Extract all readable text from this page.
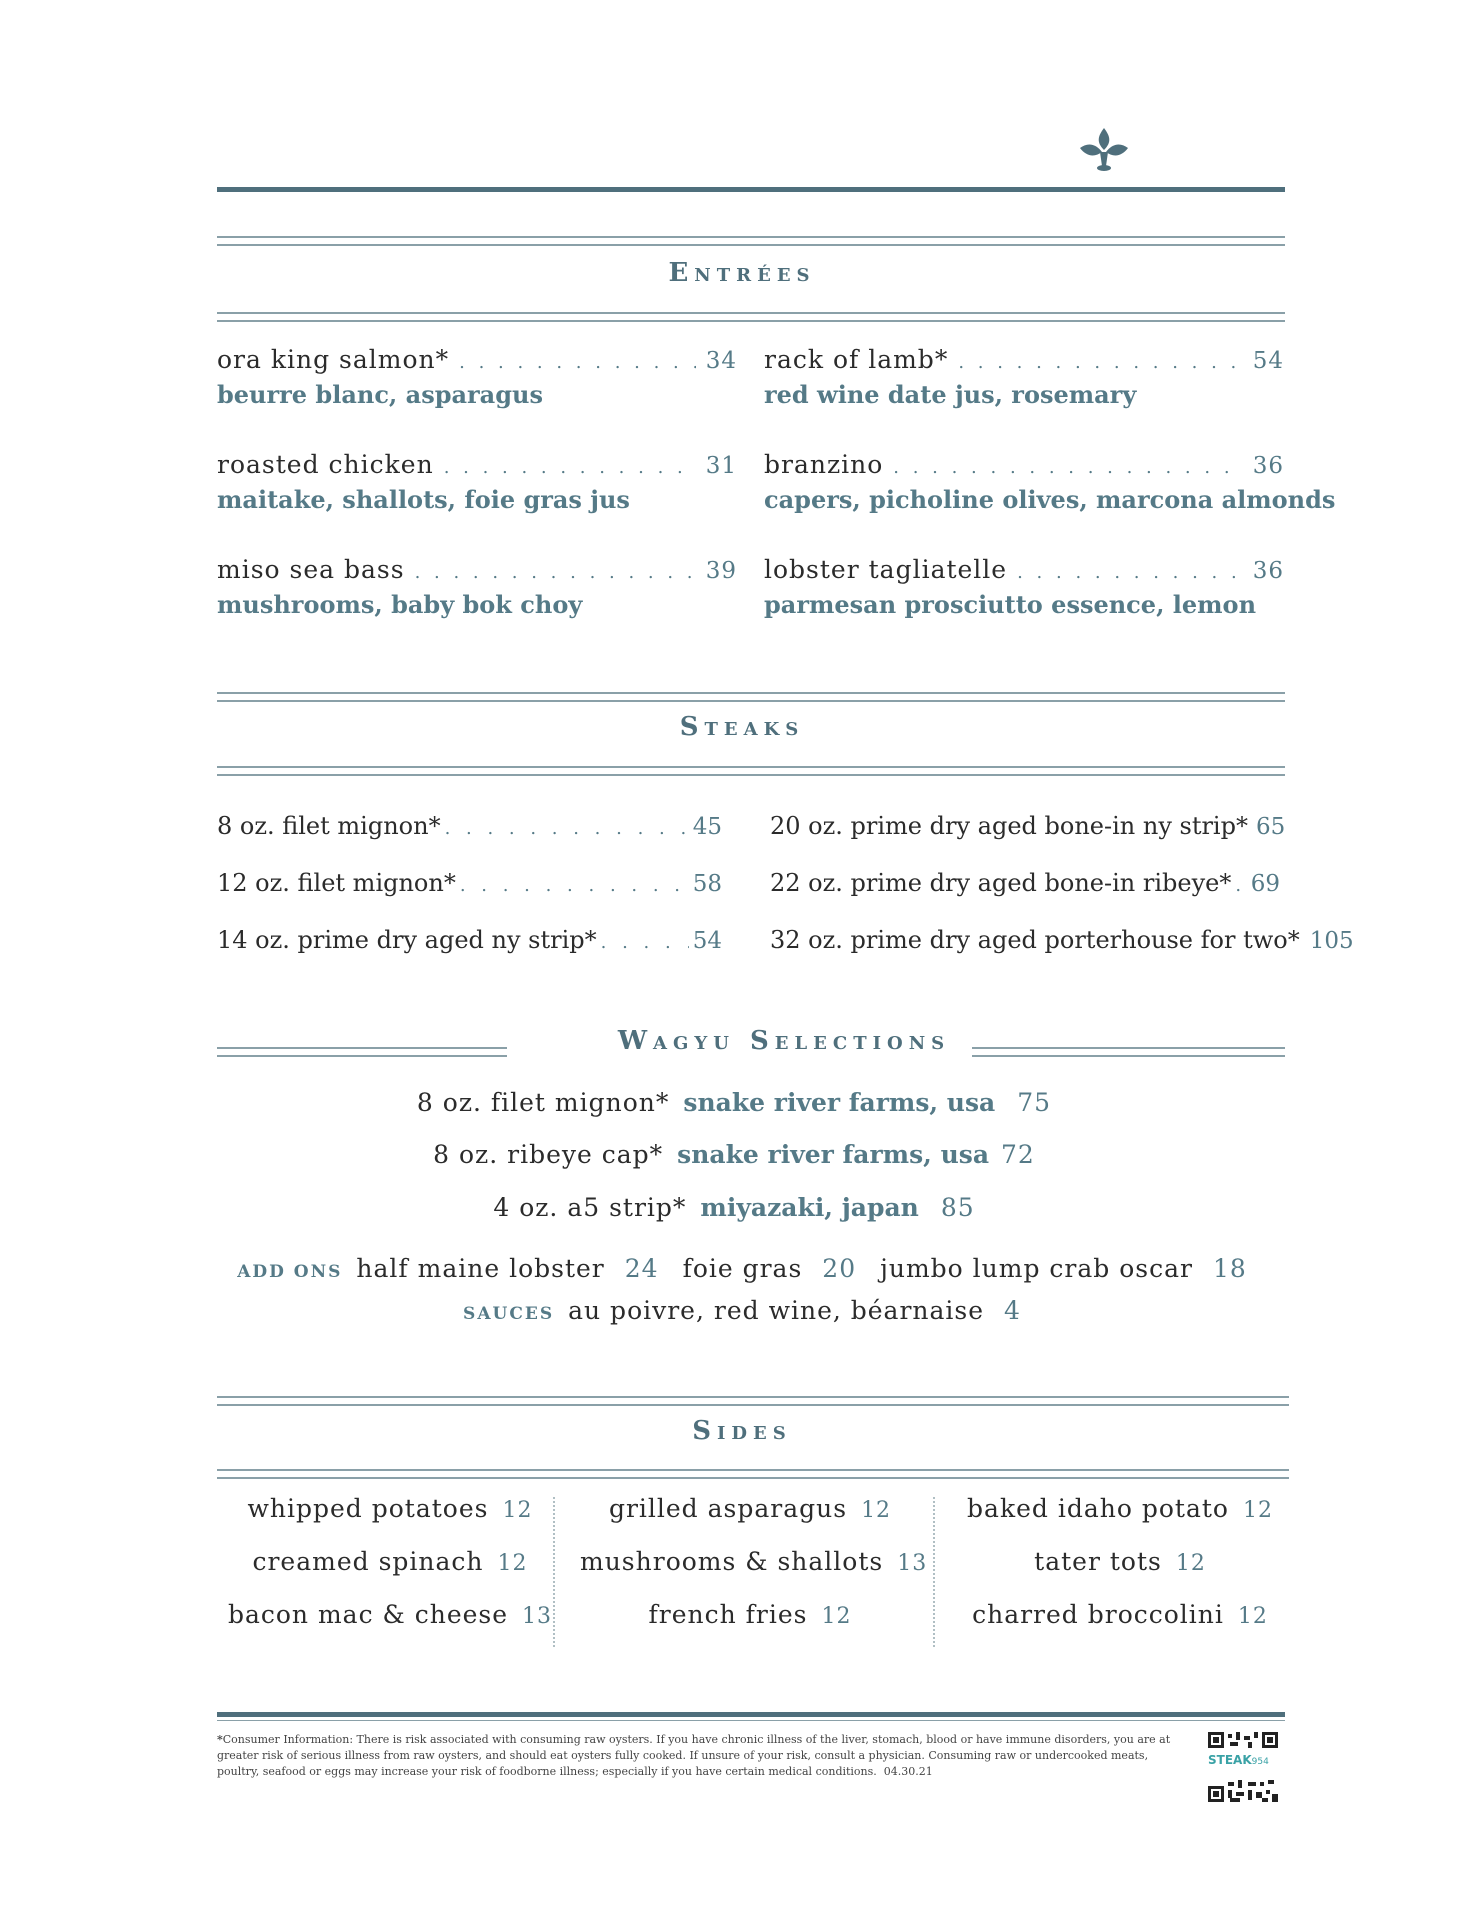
Entrées
ora king salmon* . . .	34
beurre blanc, asparagus
roasted chicken . . .	31
maitake, shallots, foie gras jus
miso sea bass . . .	39
mushrooms, baby bok choy
rack of lamb* . . .	54
red wine date jus, rosemary
branzino . . .	36
capers, picholine olives, marcona almonds
lobster tagliatelle . . .	36
parmesan prosciutto essence, lemon
Steaks
8 oz. filet mignon* . . .	45
12 oz. filet mignon* . . .	58
14 oz. prime dry aged ny strip* . . .	54
20 oz. prime dry aged bone-in ny strip* 65
22 oz. prime dry aged bone-in ribeye* . . . 69
32 oz. prime dry aged porterhouse for two* 105
Wagyu Selections
8 oz. filet mignon* snake river farms, usa 75
8 oz. ribeye cap* snake river farms, usa 72
4 oz. a5 strip* miyazaki, japan 85
ADD ONS half maine lobster 24 foie gras 20 jumbo lump crab oscar 18
SAUCES au poivre, red wine, béarnaise 4
Sides
whipped potatoes 12
creamed spinach 12
bacon mac & cheese 13
grilled asparagus 12
mushrooms & shallots 13
french fries 12
baked idaho potato 12
tater tots 12
charred broccolini 12
*Consumer Information: There is risk associated with consuming raw oysters. If you have chronic illness of the liver, stomach, blood or have immune disorders, you are at greater risk of serious illness from raw oysters, and should eat oysters fully cooked. If unsure of your risk, consult a physician. Consuming raw or undercooked meats, poultry, seafood or eggs may increase your risk of foodborne illness; especially if you have certain medical conditions. 04.30.21
STEAK954
